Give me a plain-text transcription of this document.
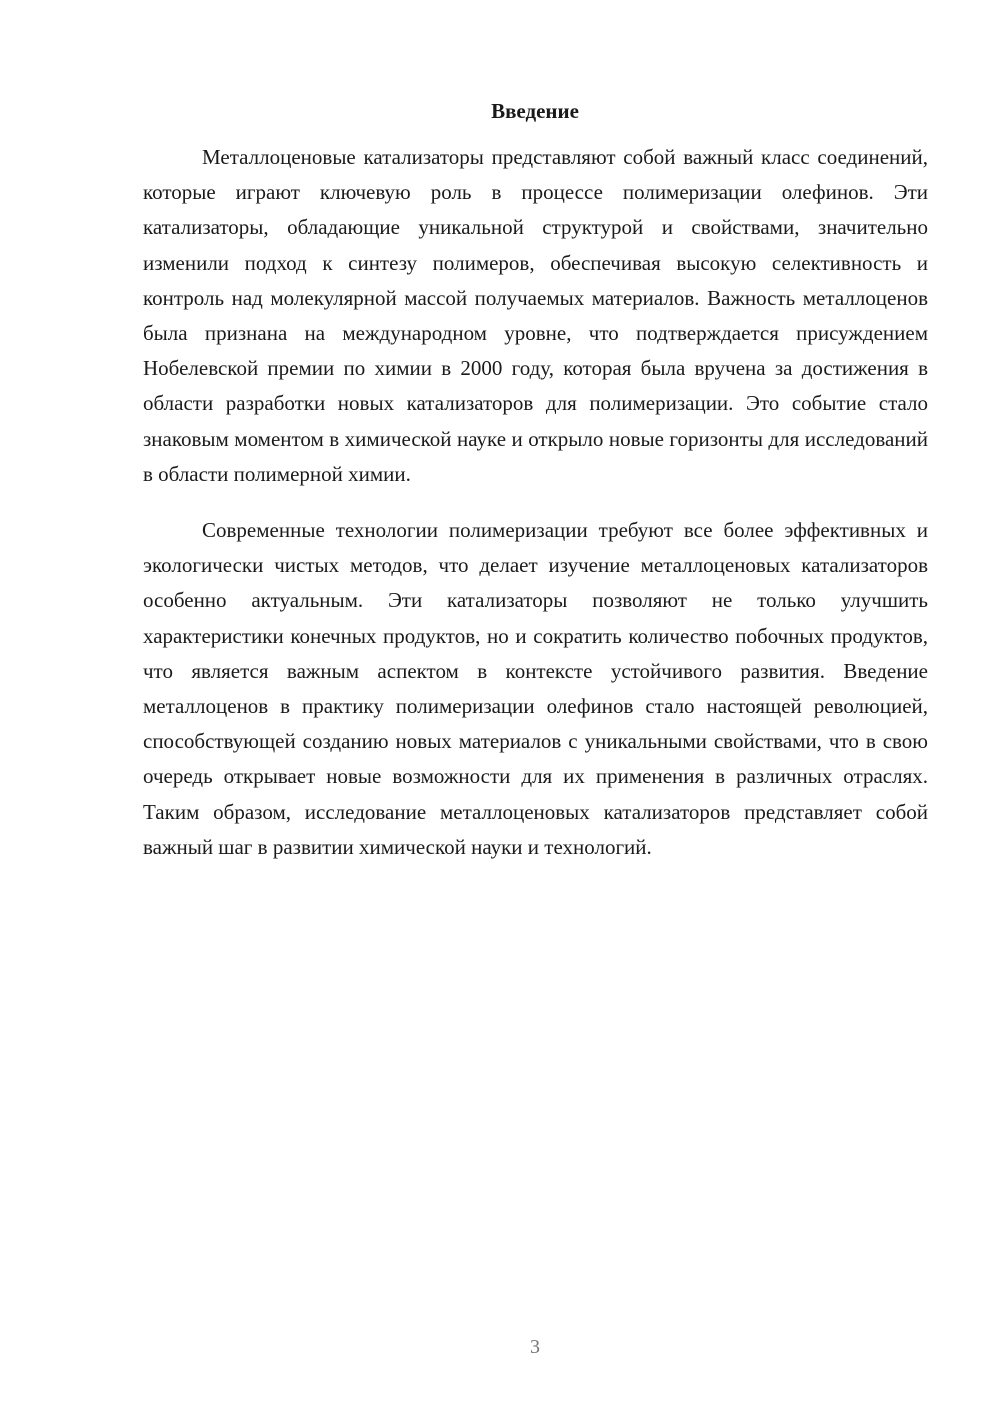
Введение

Металлоценовые катализаторы представляют собой важный класс соединений, которые играют ключевую роль в процессе полимеризации олефинов. Эти катализаторы, обладающие уникальной структурой и свойствами, значительно изменили подход к синтезу полимеров, обеспечивая высокую селективность и контроль над молекулярной массой получаемых материалов. Важность металлоценов была признана на международном уровне, что подтверждается присуждением Нобелевской премии по химии в 2000 году, которая была вручена за достижения в области разработки новых катализаторов для полимеризации. Это событие стало знаковым моментом в химической науке и открыло новые горизонты для исследований в области полимерной химии.

Современные технологии полимеризации требуют все более эффективных и экологически чистых методов, что делает изучение металлоценовых катализаторов особенно актуальным. Эти катализаторы позволяют не только улучшить характеристики конечных продуктов, но и сократить количество побочных продуктов, что является важным аспектом в контексте устойчивого развития. Введение металлоценов в практику полимеризации олефинов стало настоящей революцией, способствующей созданию новых материалов с уникальными свойствами, что в свою очередь открывает новые возможности для их применения в различных отраслях. Таким образом, исследование металлоценовых катализаторов представляет собой важный шаг в развитии химической науки и технологий.

3
